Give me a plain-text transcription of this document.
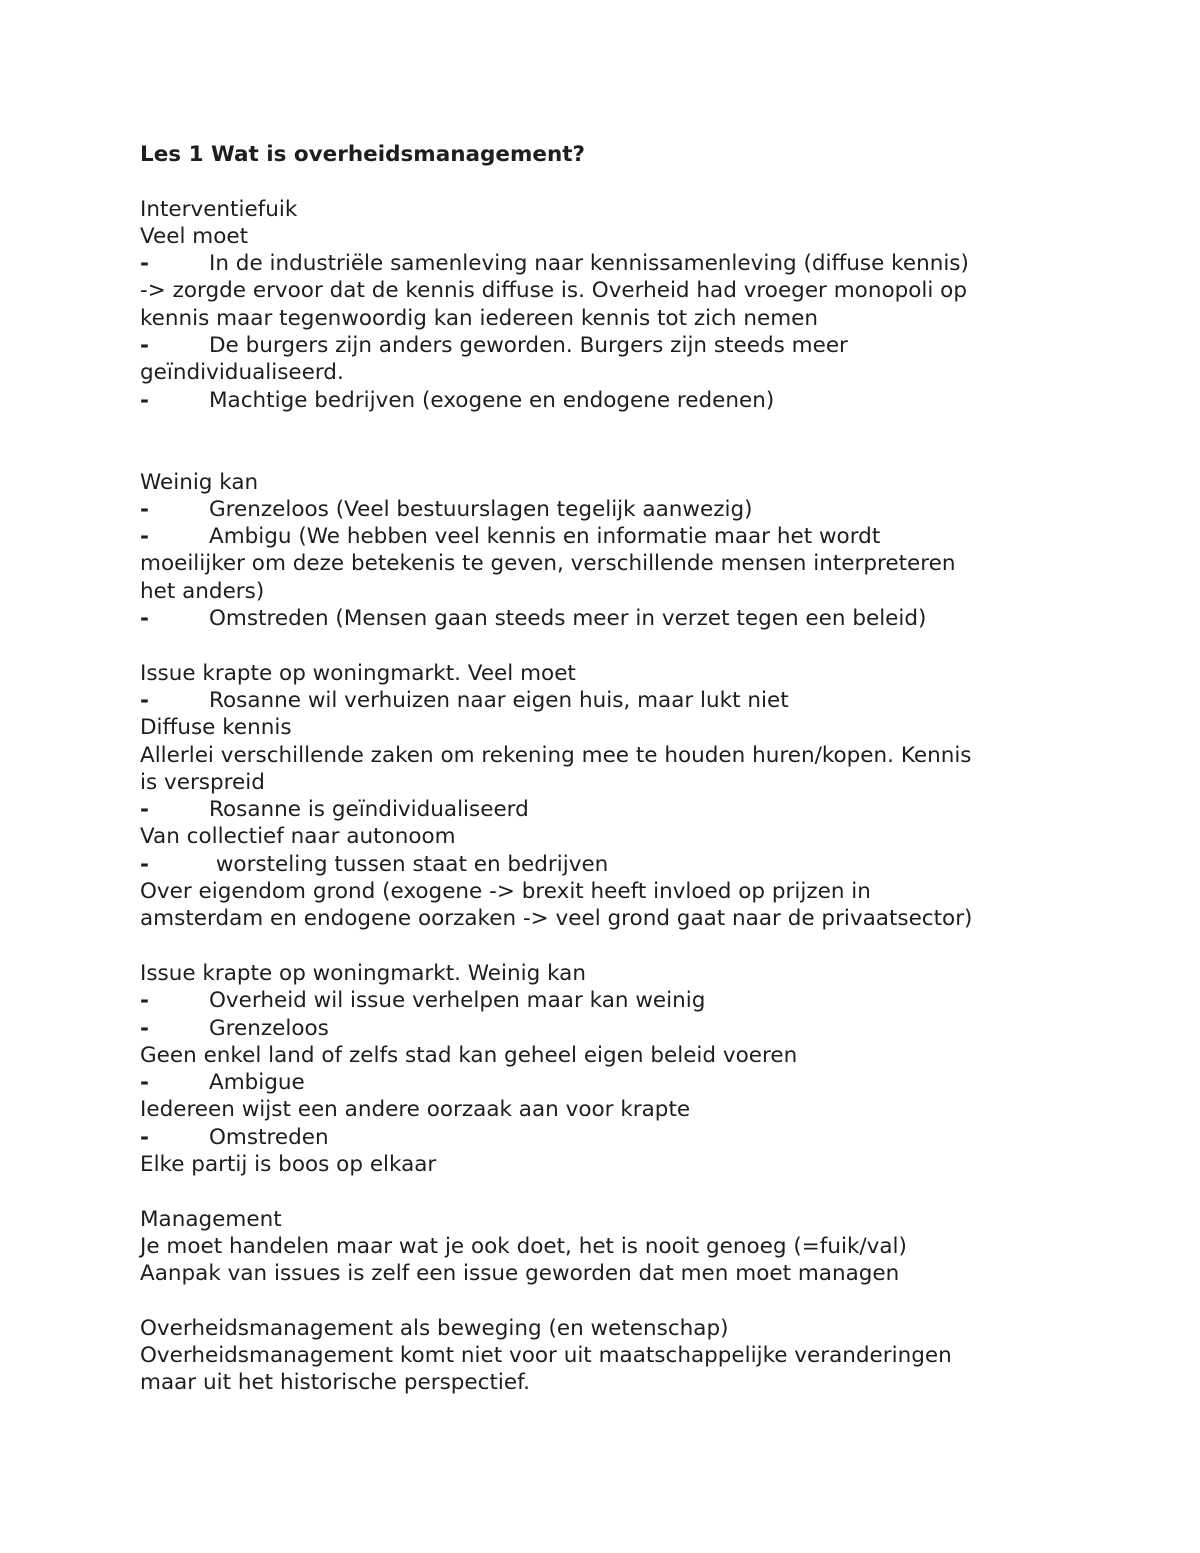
Les 1 Wat is overheidsmanagement?
Interventiefuik
Veel moet
-	In de industriële samenleving naar kennissamenleving (diffuse kennis)
-> zorgde ervoor dat de kennis diffuse is. Overheid had vroeger monopoli op
kennis maar tegenwoordig kan iedereen kennis tot zich nemen
-	De burgers zijn anders geworden. Burgers zijn steeds meer
geïndividualiseerd.
-	Machtige bedrijven (exogene en endogene redenen)
Weinig kan
-	Grenzeloos (Veel bestuurslagen tegelijk aanwezig)
-	Ambigu (We hebben veel kennis en informatie maar het wordt
moeilijker om deze betekenis te geven, verschillende mensen interpreteren
het anders)
-	Omstreden (Mensen gaan steeds meer in verzet tegen een beleid)
Issue krapte op woningmarkt. Veel moet
-	Rosanne wil verhuizen naar eigen huis, maar lukt niet
Diffuse kennis
Allerlei verschillende zaken om rekening mee te houden huren/kopen. Kennis
is verspreid
-	Rosanne is geïndividualiseerd
Van collectief naar autonoom
-	worsteling tussen staat en bedrijven
Over eigendom grond (exogene -> brexit heeft invloed op prijzen in
amsterdam en endogene oorzaken -> veel grond gaat naar de privaatsector)
Issue krapte op woningmarkt. Weinig kan
-	Overheid wil issue verhelpen maar kan weinig
-	Grenzeloos
Geen enkel land of zelfs stad kan geheel eigen beleid voeren
-	Ambigue
Iedereen wijst een andere oorzaak aan voor krapte
-	Omstreden
Elke partij is boos op elkaar
Management
Je moet handelen maar wat je ook doet, het is nooit genoeg (=fuik/val)
Aanpak van issues is zelf een issue geworden dat men moet managen
Overheidsmanagement als beweging (en wetenschap)
Overheidsmanagement komt niet voor uit maatschappelijke veranderingen
maar uit het historische perspectief.
